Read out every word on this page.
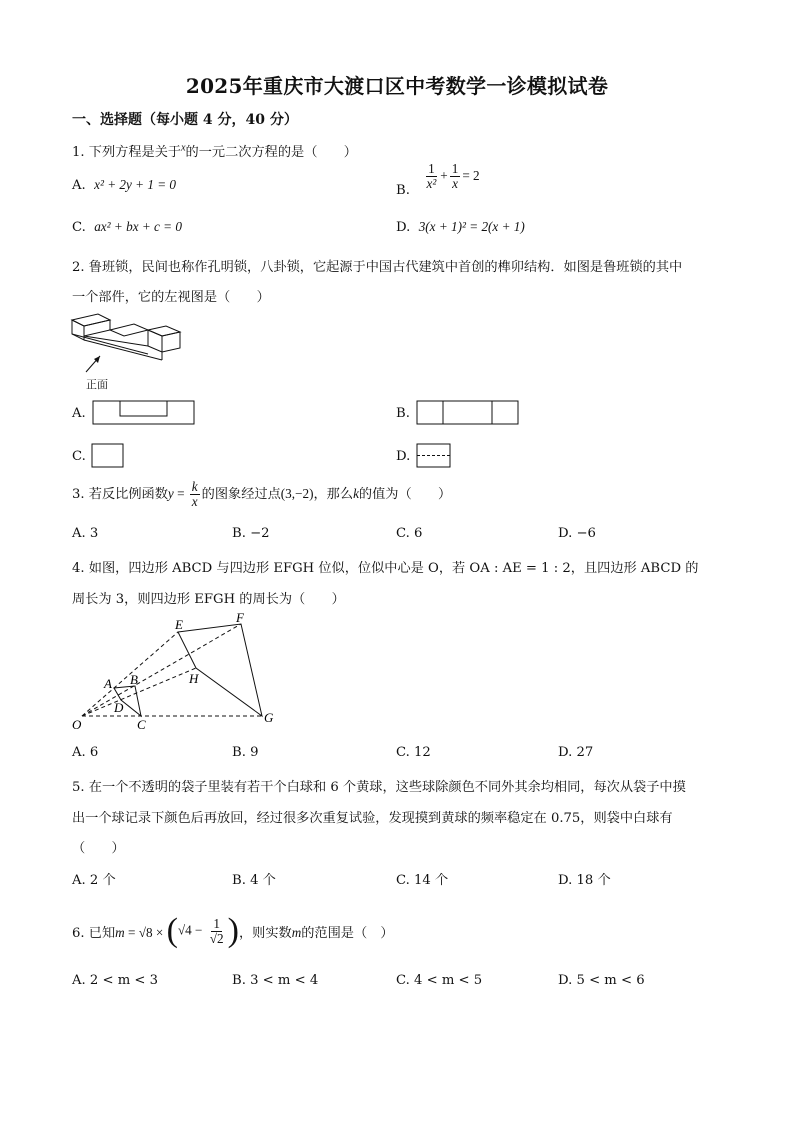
2025年重庆市大渡口区中考数学一诊模拟试卷
一、选择题（每小题 4 分，40 分）
1. 下列方程是关于$^x$的一元二次方程的是（　　）
A. x² + 2y + 1 = 0	B. $\frac{1}{\text{x²}} + \frac{1}{x} = 2$
C. ax² + bx + c = 0	D. 3(x + 1)² = 2(x + 1)
2. 鲁班锁，民间也称作孔明锁，八卦锁，它起源于中国古代建筑中首创的榫卯结构．如图是鲁班锁的其中
一个部件，它的左视图是（　　）
正面
A.	B.
C.	D.
3. 若反比例函数$y = \frac{k}{x}$ 的图象经过点(3,−2)，那么k的值为（　　）
A. 3	B. −2	C. 6	D. −6
4. 如图，四边形 ABCD 与四边形 EFGH 位似，位似中心是 O，若 OA : AE = 1 : 2，且四边形 ABCD 的
周长为 3，则四边形 EFGH 的周长为（　　）
E	F
H
A B
D
O	C	G
A. 6	B. 9	C. 12	D. 27
5. 在一个不透明的袋子里装有若干个白球和 6 个黄球，这些球除颜色不同外其余均相同，每次从袋子中摸
出一个球记录下颜色后再放回，经过很多次重复试验，发现摸到黄球的频率稳定在 0.75，则袋中白球有
（　　）
A. 2 个	B. 4 个	C. 14 个	D. 18 个
6. 已知$m = √8 \times (√4 - \frac{1}{√2}$ )，则实数m的范围是（　）
A. 2 < m < 3	B. 3 < m < 4	C. 4 < m < 5	D. 5 < m < 6
